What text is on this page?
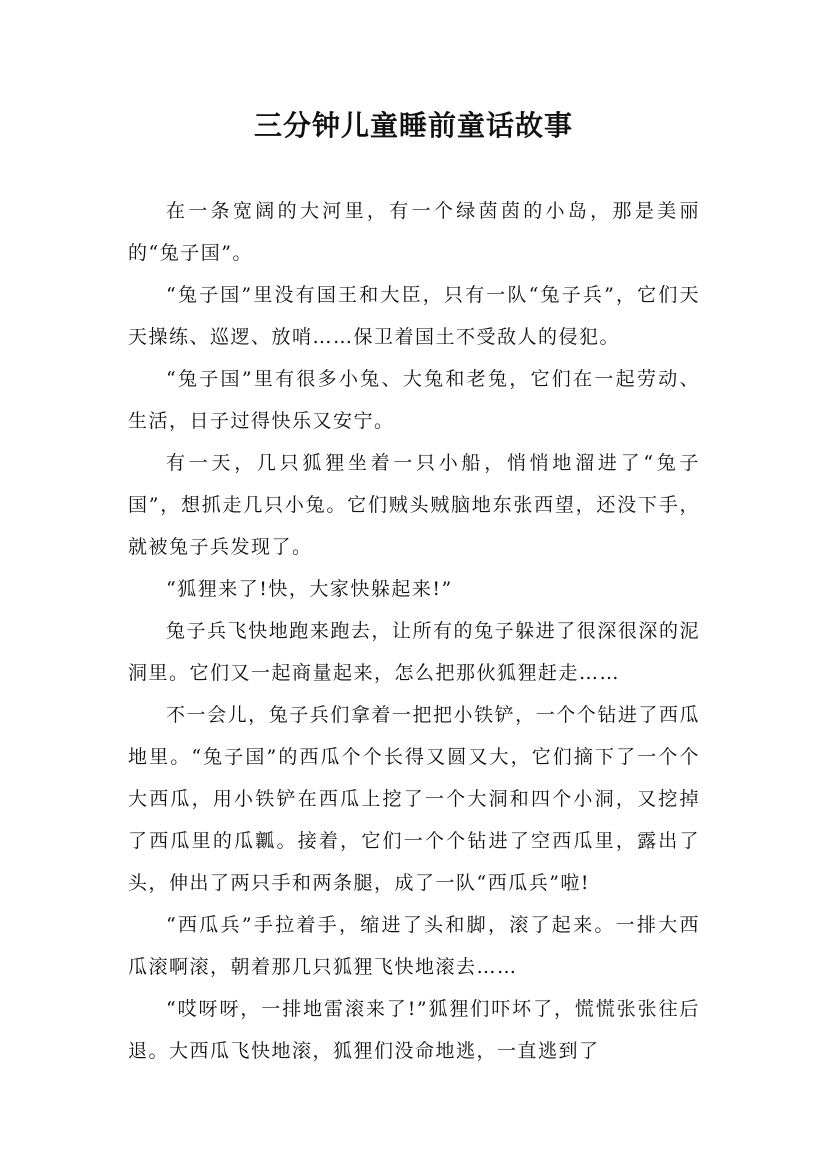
三分钟儿童睡前童话故事

在一条宽阔的大河里，有一个绿茵茵的小岛，那是美丽的“兔子国”。

“兔子国”里没有国王和大臣，只有一队“兔子兵”，它们天天操练、巡逻、放哨……保卫着国土不受敌人的侵犯。

“兔子国”里有很多小兔、大兔和老兔，它们在一起劳动、生活，日子过得快乐又安宁。

有一天，几只狐狸坐着一只小船，悄悄地溜进了“兔子国”，想抓走几只小兔。它们贼头贼脑地东张西望，还没下手，就被兔子兵发现了。

“狐狸来了!快，大家快躲起来!”

兔子兵飞快地跑来跑去，让所有的兔子躲进了很深很深的泥洞里。它们又一起商量起来，怎么把那伙狐狸赶走……

不一会儿，兔子兵们拿着一把把小铁铲，一个个钻进了西瓜地里。“兔子国”的西瓜个个长得又圆又大，它们摘下了一个个大西瓜，用小铁铲在西瓜上挖了一个大洞和四个小洞，又挖掉了西瓜里的瓜瓤。接着，它们一个个钻进了空西瓜里，露出了头，伸出了两只手和两条腿，成了一队“西瓜兵”啦!

“西瓜兵”手拉着手，缩进了头和脚，滚了起来。一排大西瓜滚啊滚，朝着那几只狐狸飞快地滚去……

“哎呀呀，一排地雷滚来了!”狐狸们吓坏了，慌慌张张往后退。大西瓜飞快地滚，狐狸们没命地逃，一直逃到了
